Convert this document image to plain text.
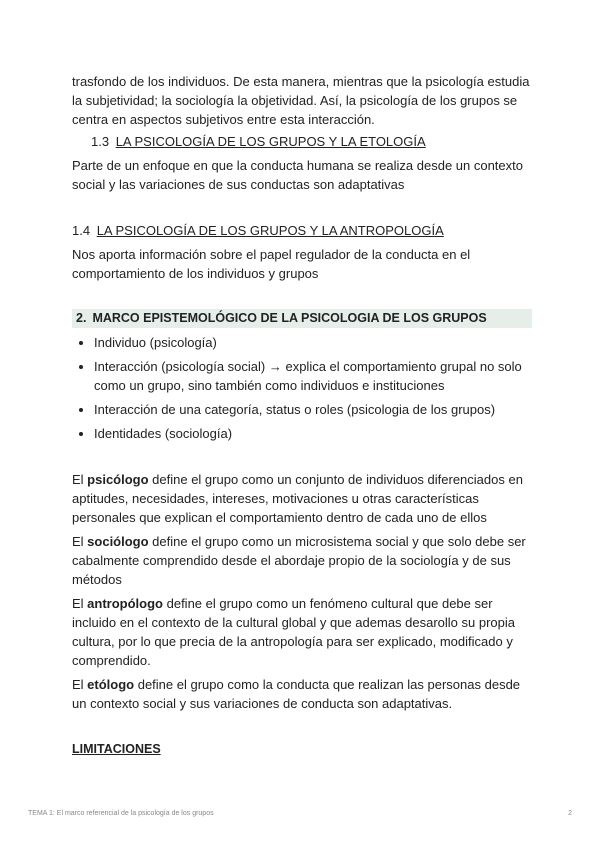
trasfondo de los individuos. De esta manera, mientras que la psicología estudia
la subjetividad; la sociología la objetividad. Así, la psicología de los grupos se
centra en aspectos subjetivos entre esta interacción.

1.3 LA PSICOLOGÍA DE LOS GRUPOS Y LA ETOLOGÍA

Parte de un enfoque en que la conducta humana se realiza desde un contexto
social y las variaciones de sus conductas son adaptativas

1.4 LA PSICOLOGÍA DE LOS GRUPOS Y LA ANTROPOLOGÍA

Nos aporta información sobre el papel regulador de la conducta en el
comportamiento de los individuos y grupos

2. MARCO EPISTEMOLÓGICO DE LA PSICOLOGIA DE LOS GRUPOS
Individuo (psicología)
Interacción (psicología social) → explica el comportamiento grupal no solo
como un grupo, sino también como individuos e instituciones
Interacción de una categoría, status o roles (psicologia de los grupos)
Identidades (sociología)

El psicólogo define el grupo como un conjunto de individuos diferenciados en
aptitudes, necesidades, intereses, motivaciones u otras características
personales que explican el comportamiento dentro de cada uno de ellos

El sociólogo define el grupo como un microsistema social y que solo debe ser
cabalmente comprendido desde el abordaje propio de la sociología y de sus
métodos

El antropólogo define el grupo como un fenómeno cultural que debe ser
incluido en el contexto de la cultural global y que ademas desarollo su propia
cultura, por lo que precia de la antropología para ser explicado, modificado y
comprendido.

El etólogo define el grupo como la conducta que realizan las personas desde
un contexto social y sus variaciones de conducta son adaptativas.

LIMITACIONES

TEMA 1: El marco referencial de la psicología de los grupos	2
